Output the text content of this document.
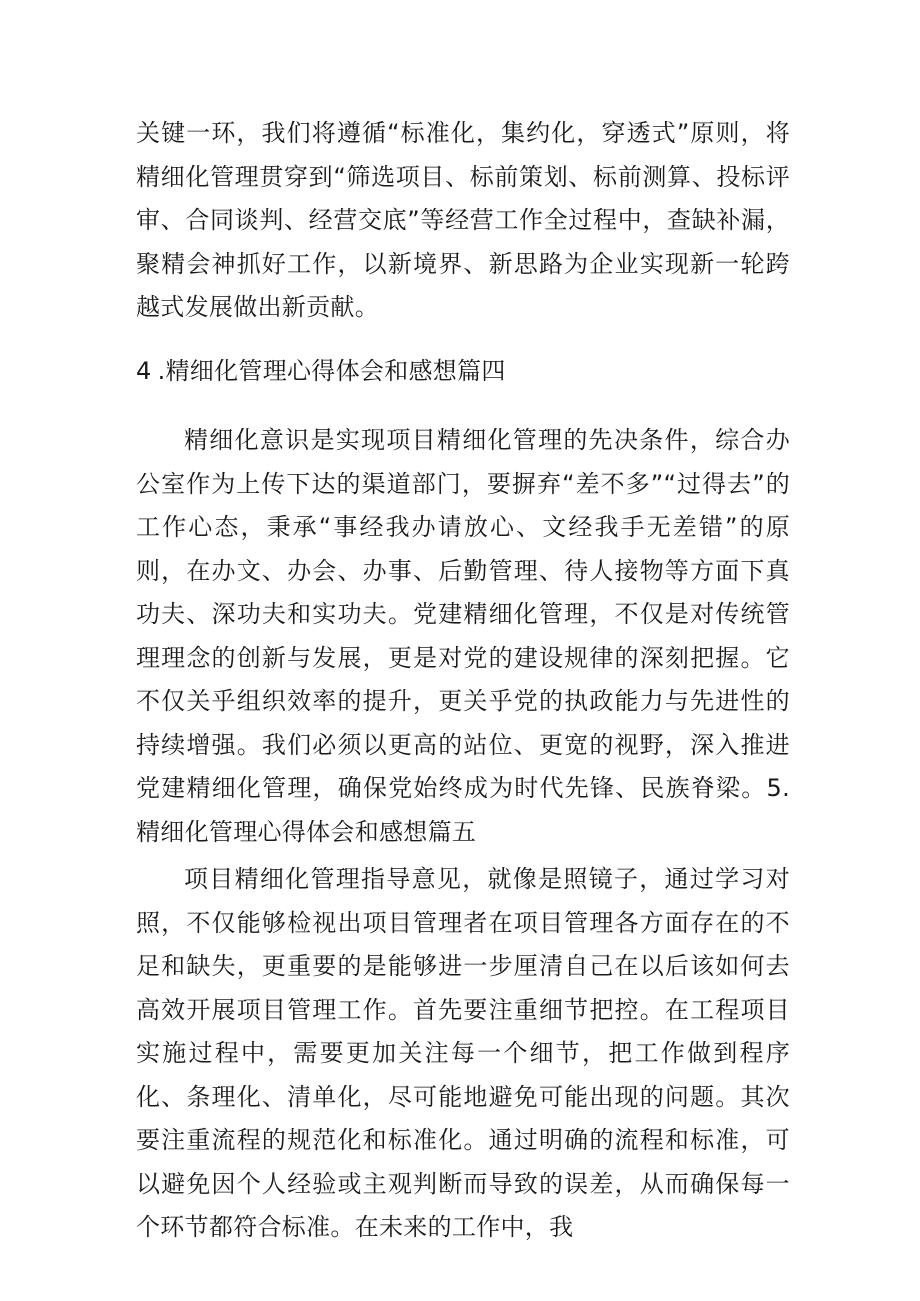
关键一环，我们将遵循“标准化，集约化，穿透式”原则，将精细化管理贯穿到“筛选项目、标前策划、标前测算、投标评审、合同谈判、经营交底”等经营工作全过程中，查缺补漏，聚精会神抓好工作，以新境界、新思路为企业实现新一轮跨越式发展做出新贡献。

4 .精细化管理心得体会和感想篇四

精细化意识是实现项目精细化管理的先决条件，综合办公室作为上传下达的渠道部门，要摒弃“差不多”“过得去”的工作心态，秉承“事经我办请放心、文经我手无差错”的原则，在办文、办会、办事、后勤管理、待人接物等方面下真功夫、深功夫和实功夫。党建精细化管理，不仅是对传统管理理念的创新与发展，更是对党的建设规律的深刻把握。它不仅关乎组织效率的提升，更关乎党的执政能力与先进性的持续增强。我们必须以更高的站位、更宽的视野，深入推进党建精细化管理，确保党始终成为时代先锋、民族脊梁。5.精细化管理心得体会和感想篇五

项目精细化管理指导意见，就像是照镜子，通过学习对照，不仅能够检视出项目管理者在项目管理各方面存在的不足和缺失，更重要的是能够进一步厘清自己在以后该如何去高效开展项目管理工作。首先要注重细节把控。在工程项目实施过程中，需要更加关注每一个细节，把工作做到程序化、条理化、清单化，尽可能地避免可能出现的问题。其次要注重流程的规范化和标准化。通过明确的流程和标准，可以避免因个人经验或主观判断而导致的误差，从而确保每一个环节都符合标准。在未来的工作中，我
